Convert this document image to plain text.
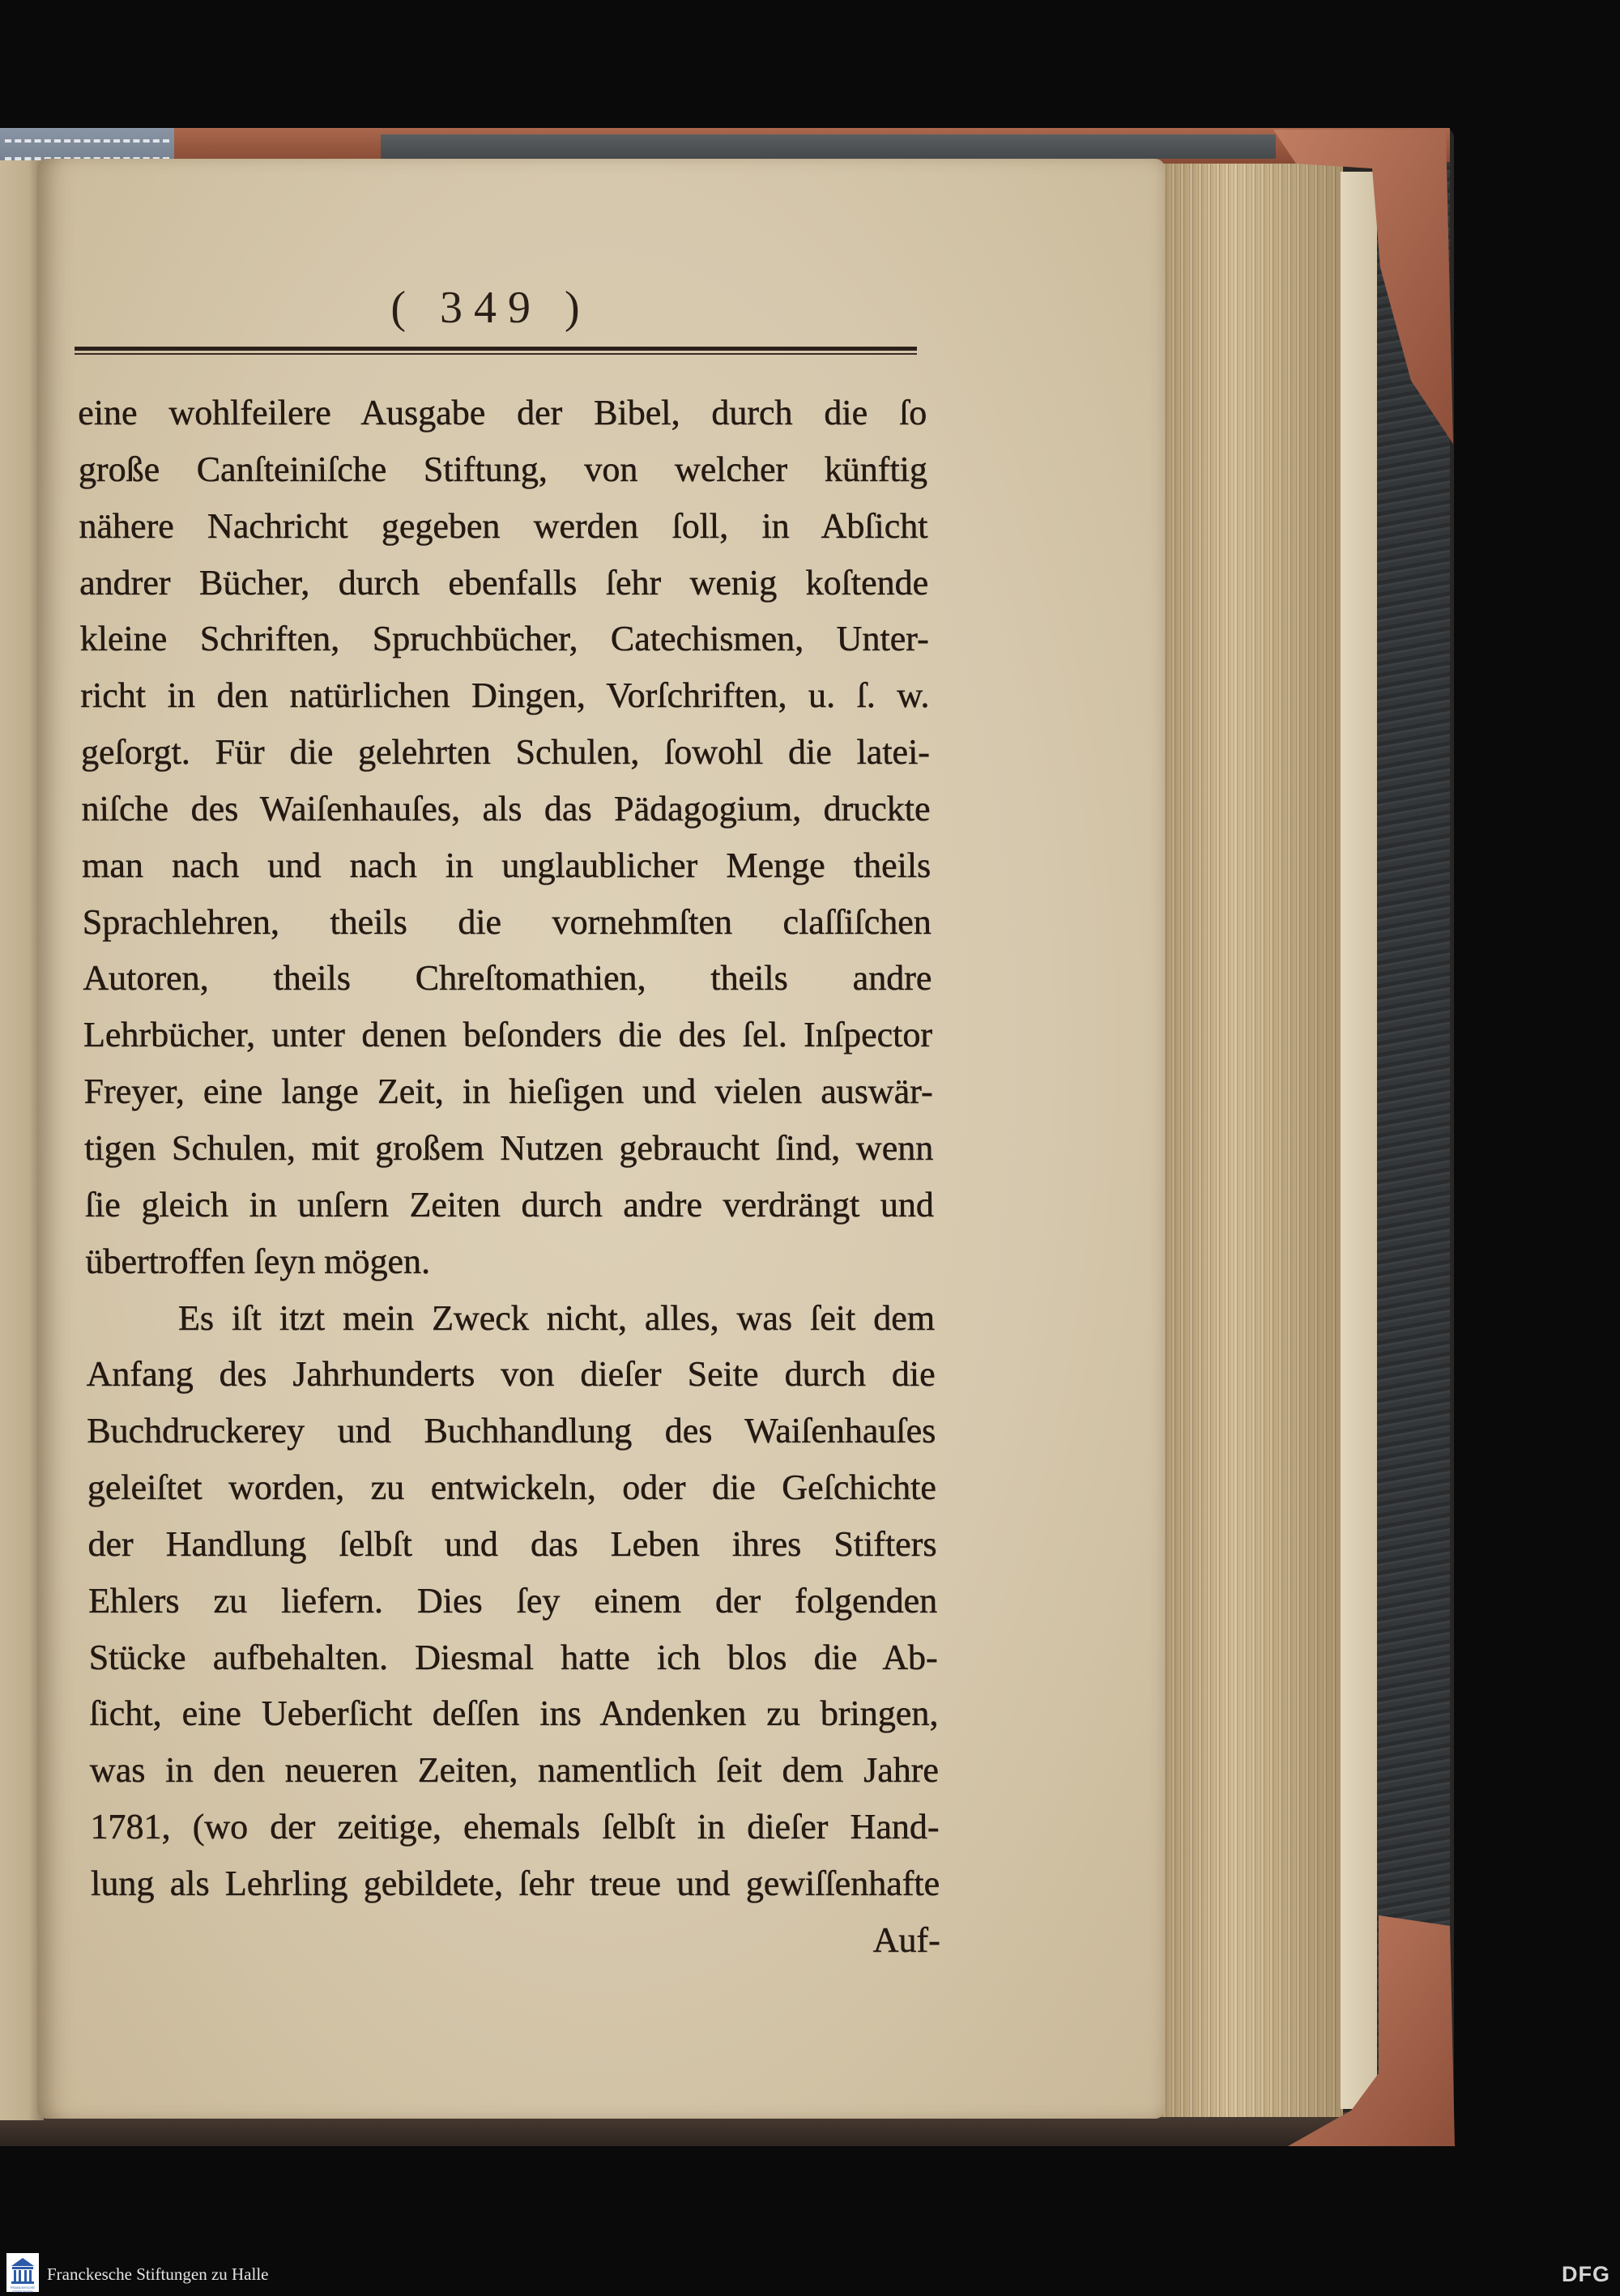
( 349 )
eine wohlfeilere Ausgabe der Bibel, durch die ſo
große Canſteiniſche Stiftung, von welcher künftig
nähere Nachricht gegeben werden ſoll, in Abſicht
andrer Bücher, durch ebenfalls ſehr wenig koſtende
kleine Schriften, Spruchbücher, Catechismen, Unter-
richt in den natürlichen Dingen, Vorſchriften, u. ſ. w.
geſorgt. Für die gelehrten Schulen, ſowohl die latei-
niſche des Waiſenhauſes, als das Pädagogium, druckte
man nach und nach in unglaublicher Menge theils
Sprachlehren, theils die vornehmſten claſſiſchen
Autoren, theils Chreſtomathien, theils andre
Lehrbücher, unter denen beſonders die des ſel. Inſpector
Freyer, eine lange Zeit, in hieſigen und vielen auswär-
tigen Schulen, mit großem Nutzen gebraucht ſind, wenn
ſie gleich in unſern Zeiten durch andre verdrängt und
übertroffen ſeyn mögen.
Es iſt itzt mein Zweck nicht, alles, was ſeit dem
Anfang des Jahrhunderts von dieſer Seite durch die
Buchdruckerey und Buchhandlung des Waiſenhauſes
geleiſtet worden, zu entwickeln, oder die Geſchichte
der Handlung ſelbſt und das Leben ihres Stifters
Ehlers zu liefern. Dies ſey einem der folgenden
Stücke aufbehalten. Diesmal hatte ich blos die Ab-
ſicht, eine Ueberſicht deſſen ins Andenken zu bringen,
was in den neueren Zeiten, namentlich ſeit dem Jahre
1781, (wo der zeitige, ehemals ſelbſt in dieſer Hand-
lung als Lehrling gebildete, ſehr treue und gewiſſenhafte
Auf-
FRANCKESCHE STIFTUNGEN
Franckesche Stiftungen zu Halle	DFG
